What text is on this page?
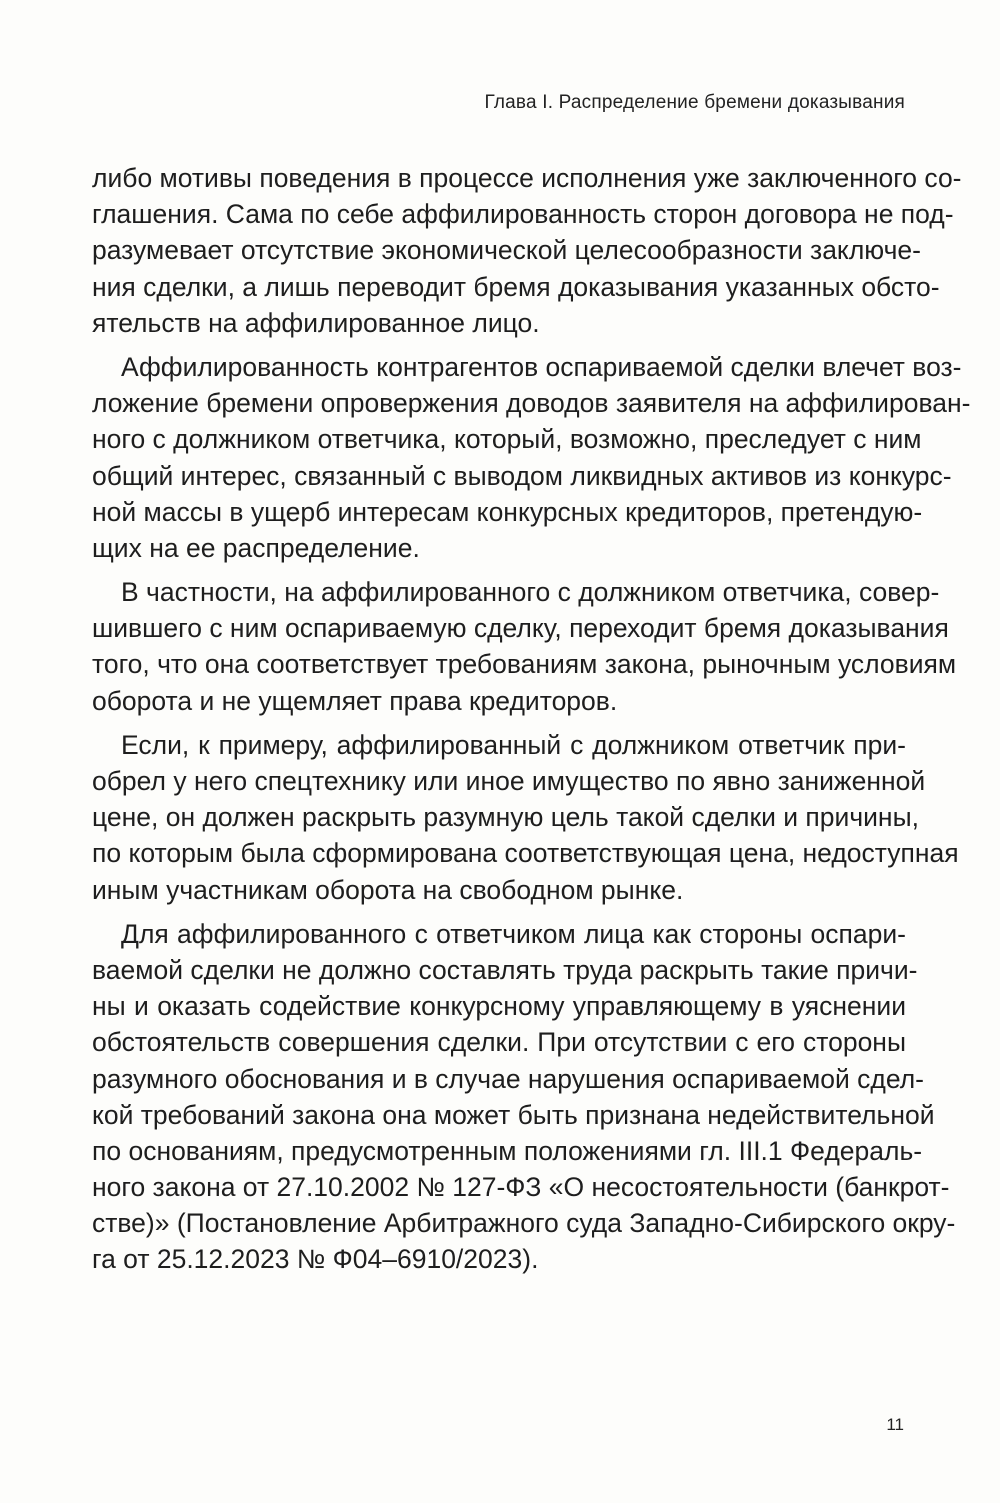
Глава I. Распределение бремени доказывания

либо мотивы поведения в процессе исполнения уже заключенного со-
глашения. Сама по себе аффилированность сторон договора не под-
разумевает отсутствие экономической целесообразности заключе-
ния сделки, а лишь переводит бремя доказывания указанных обсто-
ятельств на аффилированное лицо.

Аффилированность контрагентов оспариваемой сделки влечет воз-
ложение бремени опровержения доводов заявителя на аффилирован-
ного с должником ответчика, который, возможно, преследует с ним
общий интерес, связанный с выводом ликвидных активов из конкурс-
ной массы в ущерб интересам конкурсных кредиторов, претендую-
щих на ее распределение.

В частности, на аффилированного с должником ответчика, совер-
шившего с ним оспариваемую сделку, переходит бремя доказывания
того, что она соответствует требованиям закона, рыночным условиям
оборота и не ущемляет права кредиторов.

Если, к примеру, аффилированный с должником ответчик при-
обрел у него спецтехнику или иное имущество по явно заниженной
цене, он должен раскрыть разумную цель такой сделки и причины,
по которым была сформирована соответствующая цена, недоступная
иным участникам оборота на свободном рынке.

Для аффилированного с ответчиком лица как стороны оспари-
ваемой сделки не должно составлять труда раскрыть такие причи-
ны и оказать содействие конкурсному управляющему в уяснении
обстоятельств совершения сделки. При отсутствии с его стороны
разумного обоснования и в случае нарушения оспариваемой сдел-
кой требований закона она может быть признана недействительной
по основаниям, предусмотренным положениями гл. III.1 Федераль-
ного закона от 27.10.2002 № 127-ФЗ «О несостоятельности (банкрот-
стве)» (Постановление Арбитражного суда Западно-Сибирского окру-
га от 25.12.2023 № Ф04–6910/2023).

11
